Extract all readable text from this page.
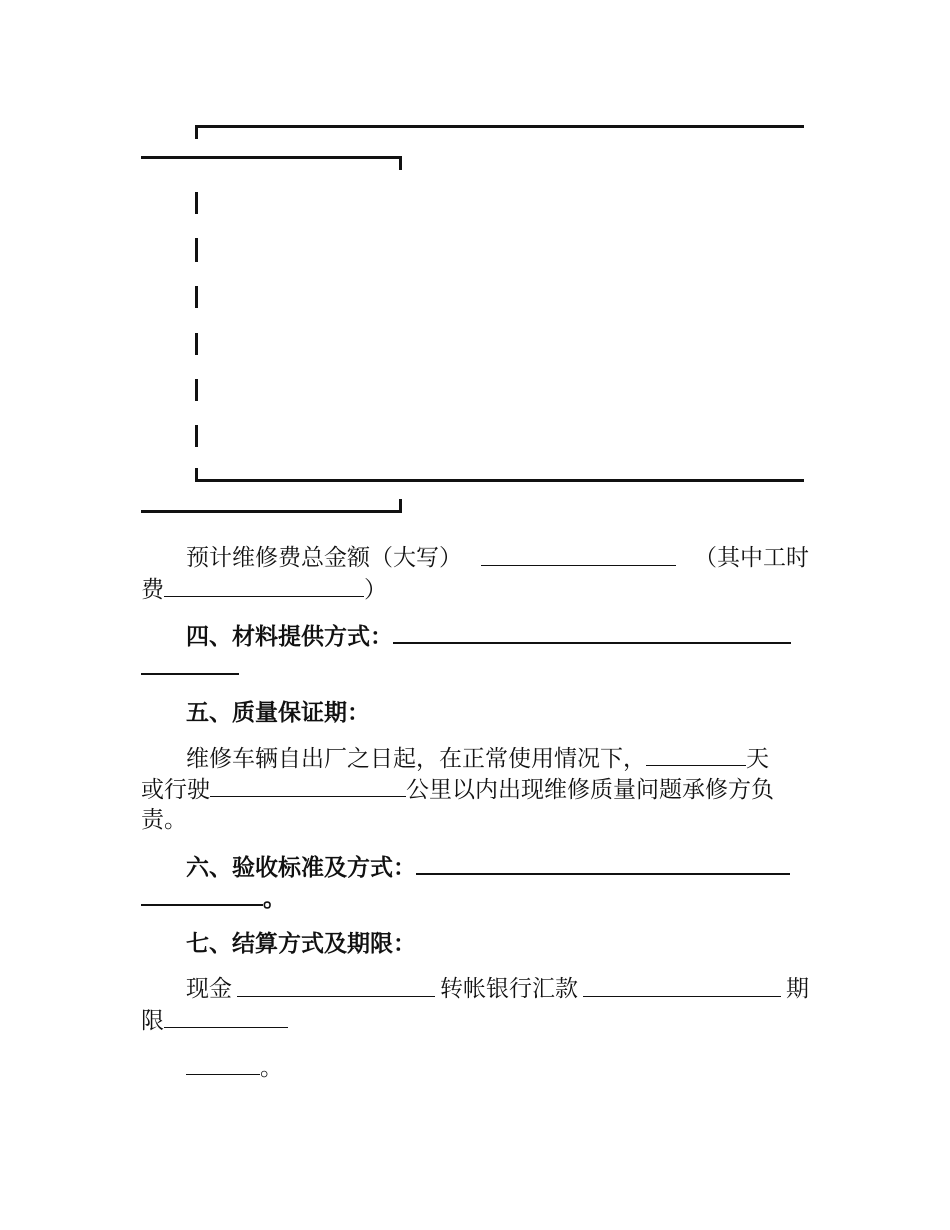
预计维修费总金额（大写）	（其中工时
费	）
四、材料提供方式：
五、质量保证期：
维修车辆自出厂之日起，在正常使用情况下，	天
或行驶	公里以内出现维修质量问题承修方负
责。
六、验收标准及方式：
。
七、结算方式及期限：
现金	转帐银行汇款	期
限
。
